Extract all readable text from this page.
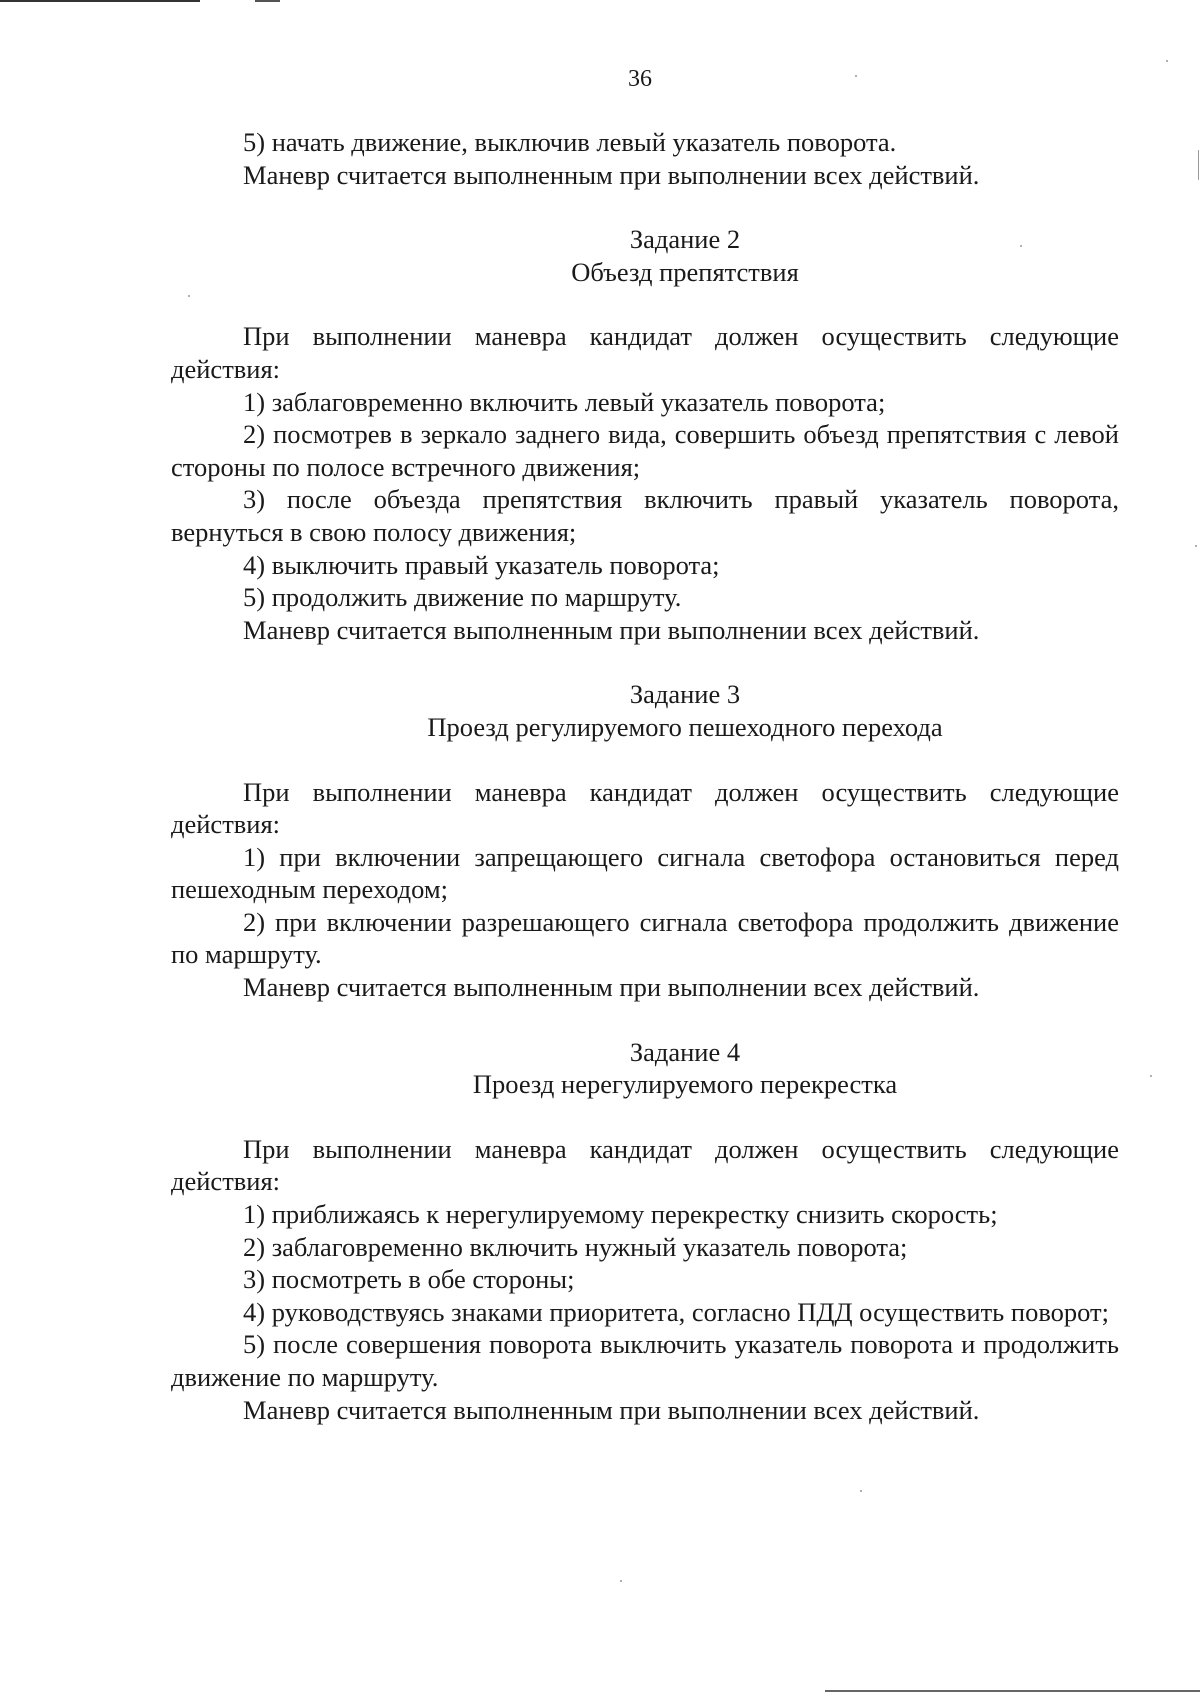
36

5) начать движение, выключив левый указатель поворота.

Маневр считается выполненным при выполнении всех действий.

Задание 2

Объезд препятствия

При выполнении маневра кандидат должен осуществить следующие действия:

1) заблаговременно включить левый указатель поворота;

2) посмотрев в зеркало заднего вида, совершить объезд препятствия с левой стороны по полосе встречного движения;

3) после объезда препятствия включить правый указатель поворота, вернуться в свою полосу движения;

4) выключить правый указатель поворота;

5) продолжить движение по маршруту.

Маневр считается выполненным при выполнении всех действий.

Задание 3

Проезд регулируемого пешеходного перехода

При выполнении маневра кандидат должен осуществить следующие действия:

1) при включении запрещающего сигнала светофора остановиться перед пешеходным переходом;

2) при включении разрешающего сигнала светофора продолжить движение по маршруту.

Маневр считается выполненным при выполнении всех действий.

Задание 4

Проезд нерегулируемого перекрестка

При выполнении маневра кандидат должен осуществить следующие действия:

1) приближаясь к нерегулируемому перекрестку снизить скорость;

2) заблаговременно включить нужный указатель поворота;

3) посмотреть в обе стороны;

4) руководствуясь знаками приоритета, согласно ПДД осуществить поворот;

5) после совершения поворота выключить указатель поворота и продолжить движение по маршруту.

Маневр считается выполненным при выполнении всех действий.
